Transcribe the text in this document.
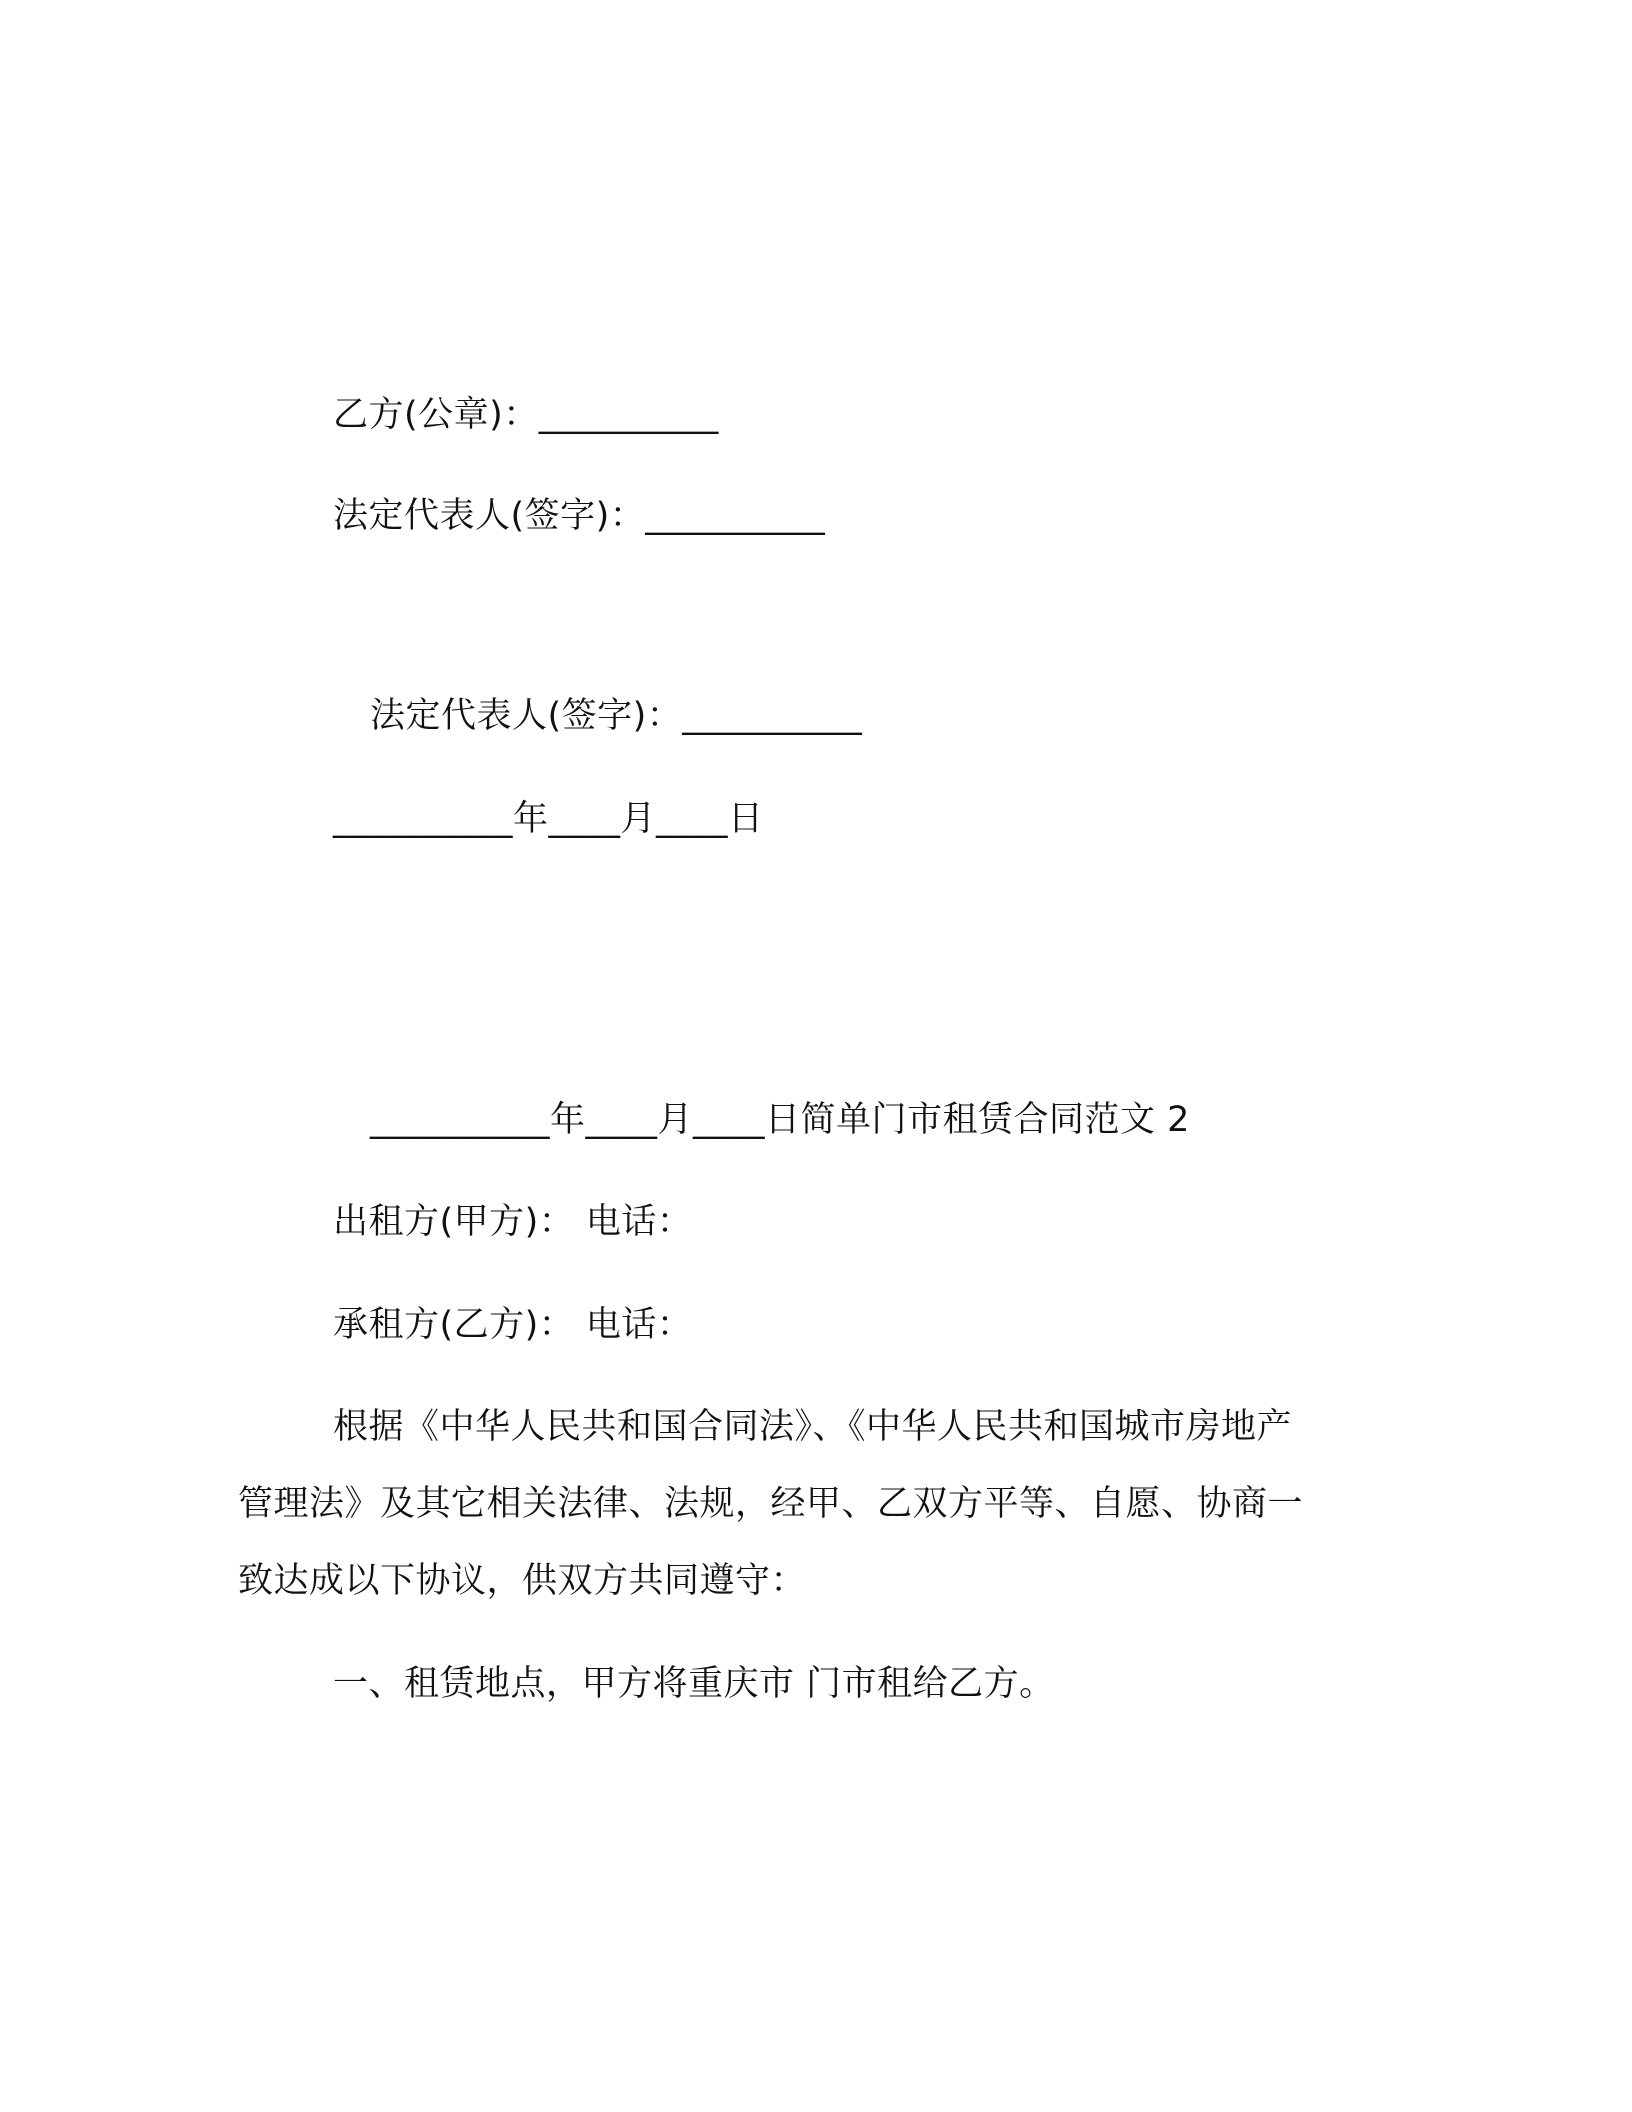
乙方(公章)：__________
法定代表人(签字)：__________
法定代表人(签字)：__________
__________年____月____日
__________年____月____日简单门市租赁合同范文 2
出租方(甲方)： 电话：
承租方(乙方)： 电话：
根据《中华人民共和国合同法》、《中华人民共和国城市房地产
管理法》及其它相关法律、法规，经甲、乙双方平等、自愿、协商一
致达成以下协议，供双方共同遵守：
一、租赁地点，甲方将重庆市 门市租给乙方。
